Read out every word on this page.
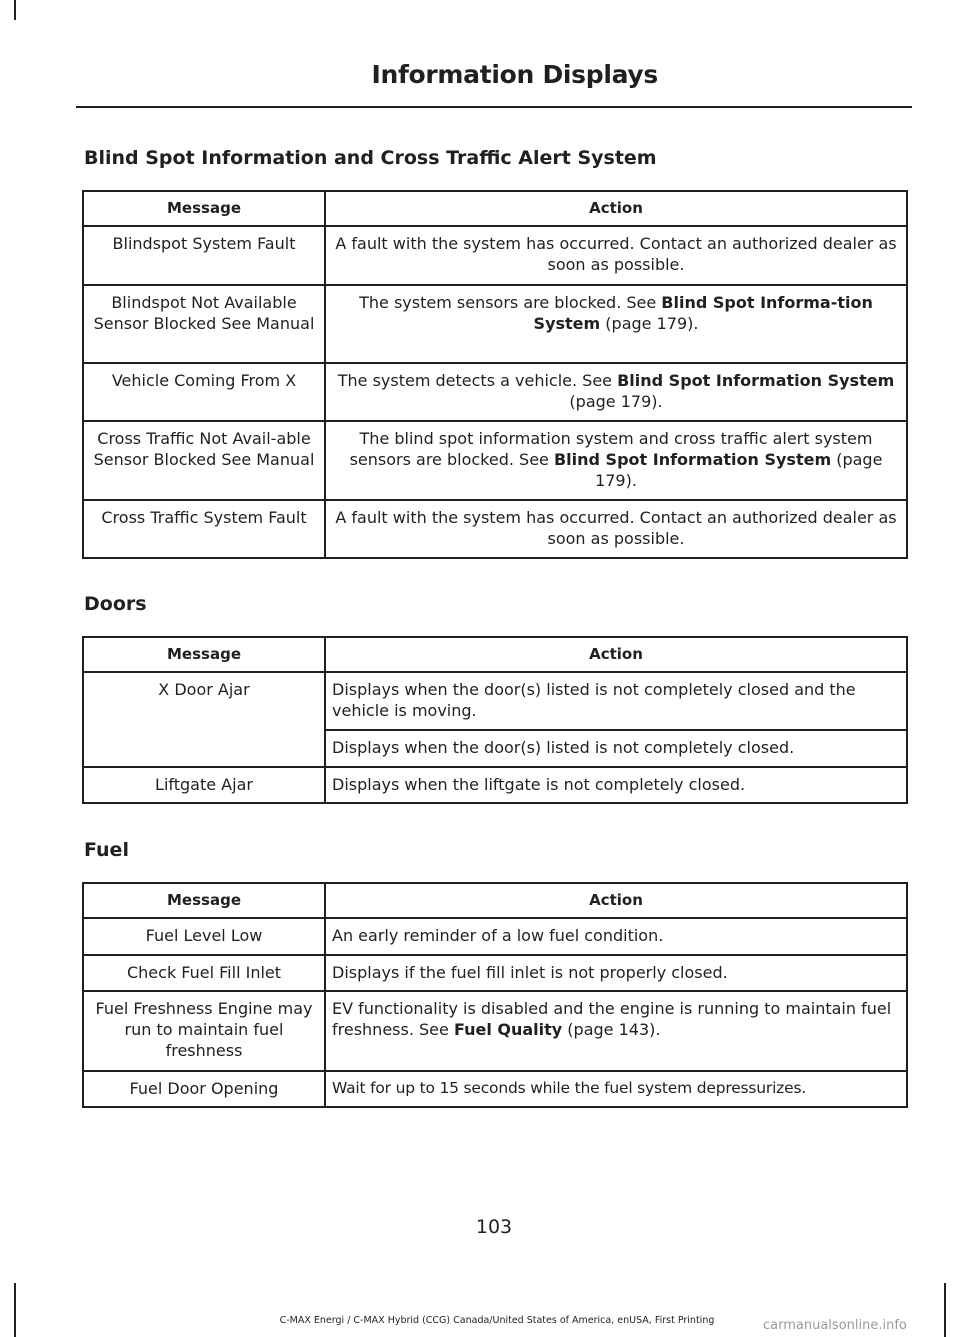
Information Displays
Blind Spot Information and Cross Traffic Alert System
Message	Action
Blindspot System Fault	A fault with the system has occurred. Contact an authorized dealer as soon as possible.
Blindspot Not Available Sensor Blocked See Manual	The system sensors are blocked. See Blind Spot Informa-tion System (page 179).
Vehicle Coming From X	The system detects a vehicle. See Blind Spot Information System (page 179).
Cross Traffic Not Avail-able Sensor Blocked See Manual	The blind spot information system and cross traffic alert system sensors are blocked. See Blind Spot Information System (page 179).
Cross Traffic System Fault	A fault with the system has occurred. Contact an authorized dealer as soon as possible.
Doors
Message	Action
X Door Ajar	Displays when the door(s) listed is not completely closed and the vehicle is moving.
	Displays when the door(s) listed is not completely closed.
Liftgate Ajar	Displays when the liftgate is not completely closed.
Fuel
Message	Action
Fuel Level Low	An early reminder of a low fuel condition.
Check Fuel Fill Inlet	Displays if the fuel fill inlet is not properly closed.
Fuel Freshness Engine may run to maintain fuel freshness	EV functionality is disabled and the engine is running to maintain fuel freshness. See Fuel Quality (page 143).
Fuel Door Opening	Wait for up to 15 seconds while the fuel system depressurizes.
103
C-MAX Energi / C-MAX Hybrid (CCG) Canada/United States of America, enUSA, First Printing	carmanualsonline.info
